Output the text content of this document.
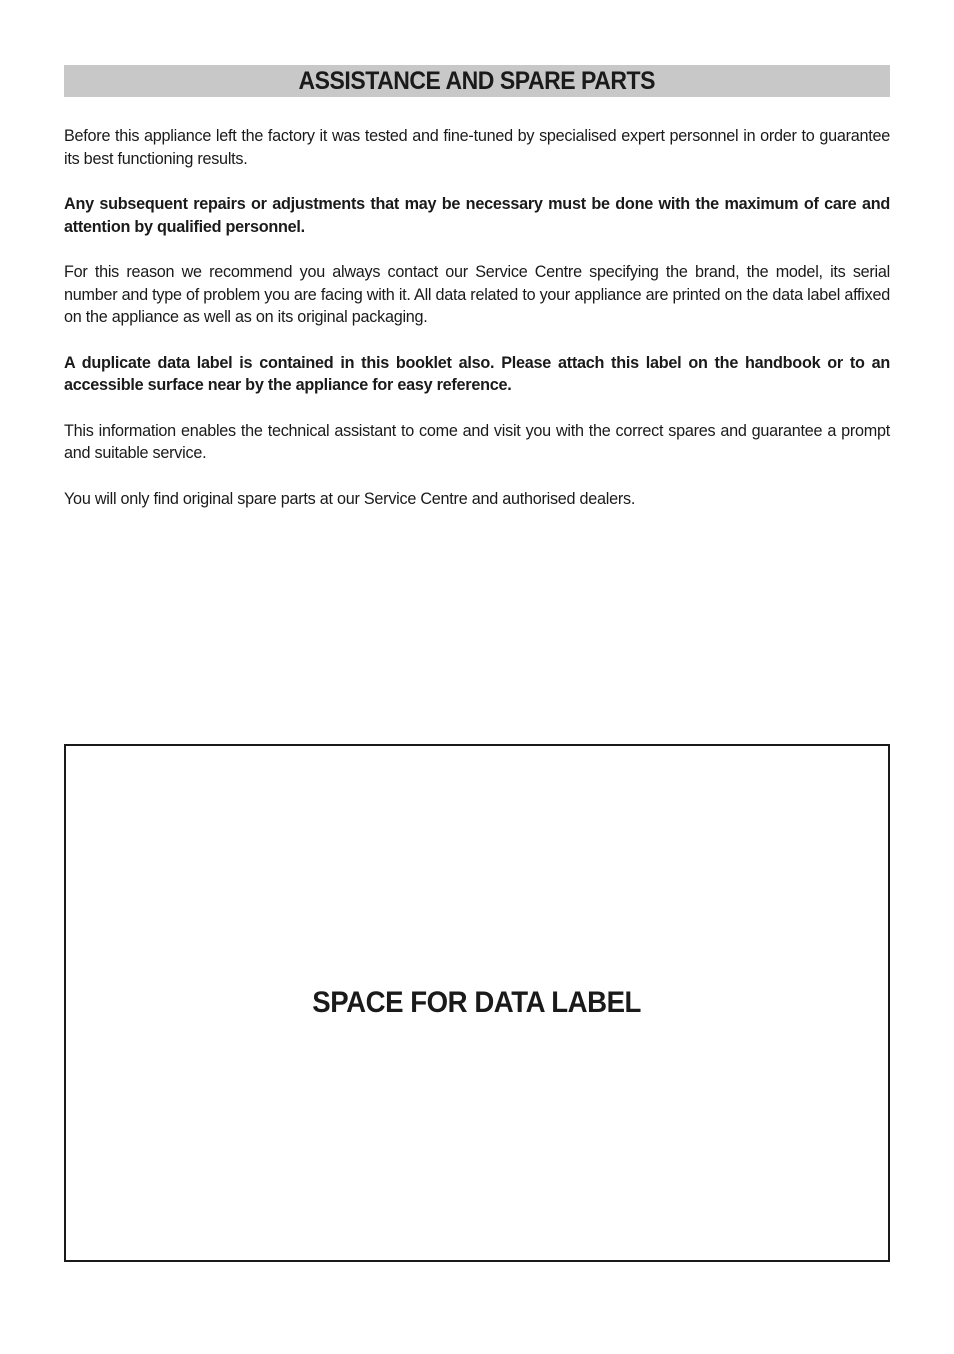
ASSISTANCE AND SPARE PARTS

Before this appliance left the factory it was tested and fine-tuned by specialised expert personnel in order to guarantee its best functioning results.

Any subsequent repairs or adjustments that may be necessary must be done with the maximum of care and attention by qualified personnel.

For this reason we recommend you always contact our Service Centre specifying the brand, the model, its serial number and type of problem you are facing with it. All data related to your appliance are printed on the data label affixed on the appliance as well as on its original packaging.

A duplicate data label is contained in this booklet also. Please attach this label on the handbook or to an accessible surface near by the appliance for easy reference.

This information enables the technical assistant to come and visit you with the correct spares and guarantee a prompt and suitable service.

You will only find original spare parts at our Service Centre and authorised dealers.

SPACE FOR DATA LABEL
